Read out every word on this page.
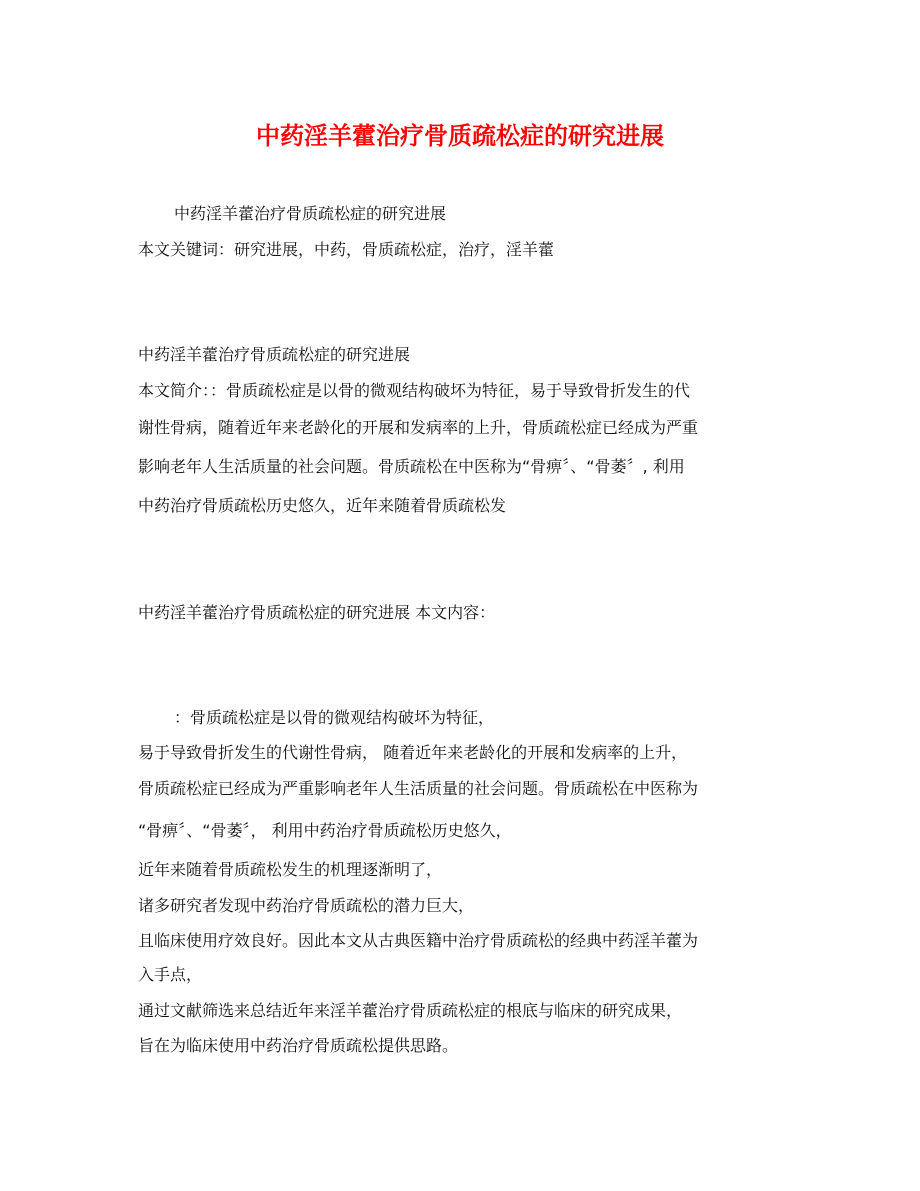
中药淫羊藿治疗骨质疏松症的研究进展

中药淫羊藿治疗骨质疏松症的研究进展

本文关键词：研究进展，中药，骨质疏松症，治疗，淫羊藿

中药淫羊藿治疗骨质疏松症的研究进展

本文简介：：骨质疏松症是以骨的微观结构破坏为特征，易于导致骨折发生的代

谢性骨病，随着近年来老龄化的开展和发病率的上升，骨质疏松症已经成为严重

影响老年人生活质量的社会问题。骨质疏松在中医称为“骨痹〞、“骨萎〞, 利用

中药治疗骨质疏松历史悠久，近年来随着骨质疏松发

中药淫羊藿治疗骨质疏松症的研究进展 本文内容：

：骨质疏松症是以骨的微观结构破坏为特征，

易于导致骨折发生的代谢性骨病， 随着近年来老龄化的开展和发病率的上升，

骨质疏松症已经成为严重影响老年人生活质量的社会问题。骨质疏松在中医称为

“骨痹〞、“骨萎〞， 利用中药治疗骨质疏松历史悠久，

近年来随着骨质疏松发生的机理逐渐明了，

诸多研究者发现中药治疗骨质疏松的潜力巨大，

且临床使用疗效良好。因此本文从古典医籍中治疗骨质疏松的经典中药淫羊藿为

入手点，

通过文献筛选来总结近年来淫羊藿治疗骨质疏松症的根底与临床的研究成果，

旨在为临床使用中药治疗骨质疏松提供思路。
